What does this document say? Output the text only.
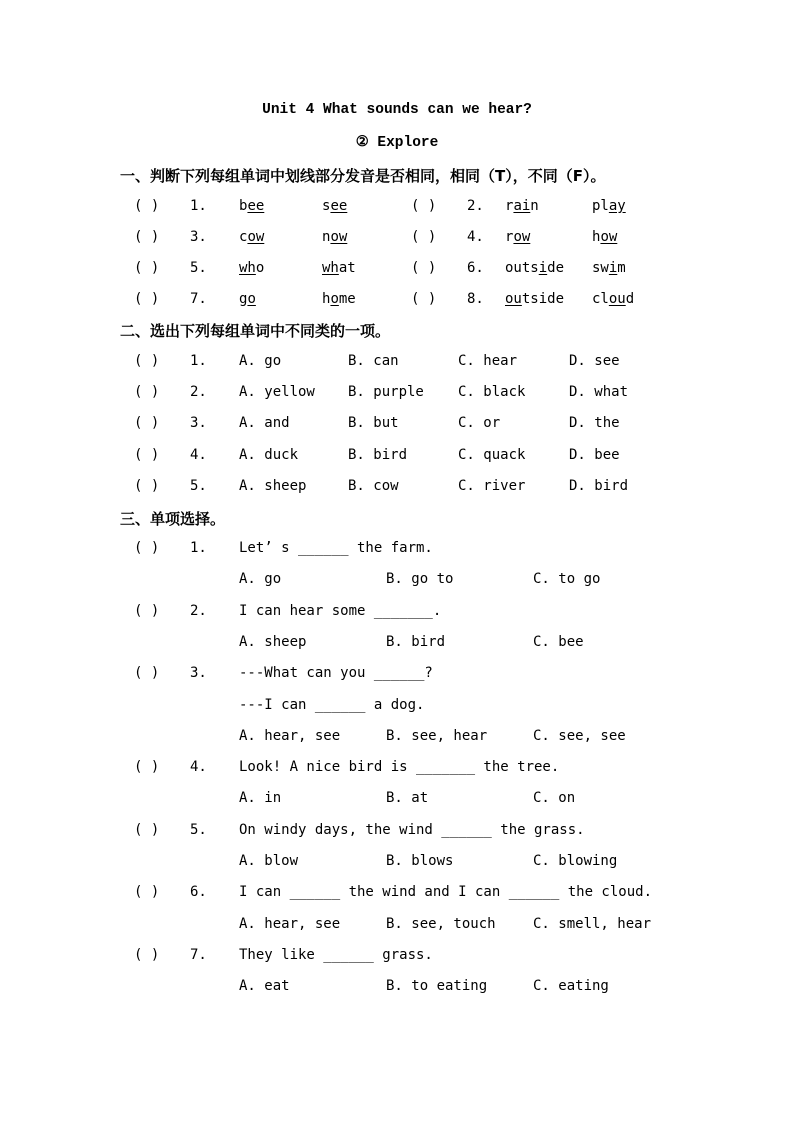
Unit 4 What sounds can we hear?
② Explore
一、判断下列每组单词中划线部分发音是否相同，相同（T），不同（F）。
( ) 1. bee	see	( ) 2. rain	play
( ) 3. cow	now	( ) 4. row	how
( ) 5. who	what	( ) 6. outside swim
( ) 7. go	home	( ) 8. outside cloud
二、选出下列每组单词中不同类的一项。
( ) 1. A. go	B. can	C. hear	D. see
( ) 2. A. yellow B. purple C. black	D. what
( ) 3. A. and	B. but	C. or	D. the
( ) 4. A. duck	B. bird	C. quack	D. bee
( ) 5. A. sheep	B. cow	C. river	D. bird
三、单项选择。
( ) 1. Let’ s ______ the farm.
A. go	B. go to	C. to go
( ) 2. I can hear some _______.
A. sheep	B. bird	C. bee
( ) 3. ---What can you ______?
---I can ______ a dog.
A. hear, see	B. see, hear	C. see, see
( ) 4. Look! A nice bird is _______ the tree.
A. in	B. at	C. on
( ) 5. On windy days, the wind ______ the grass.
A. blow	B. blows	C. blowing
( ) 6. I can ______ the wind and I can ______ the cloud.
A. hear, see	B. see, touch	C. smell, hear
( ) 7. They like ______ grass.
A. eat	B. to eating	C. eating
